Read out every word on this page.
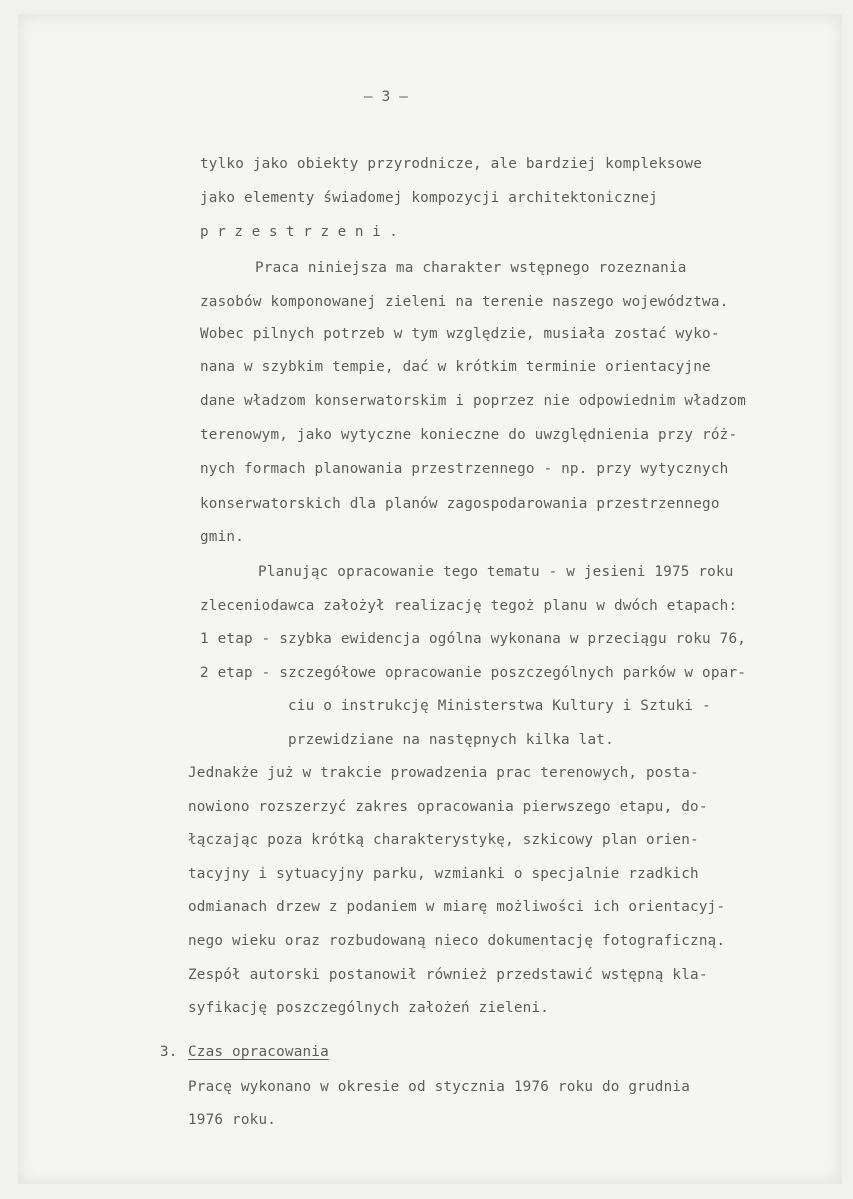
— 3 —
tylko jako obiekty przyrodnicze, ale bardziej kompleksowe
jako elementy świadomej kompozycji architektonicznej
przestrzeni.
Praca niniejsza ma charakter wstępnego rozeznania
zasobów komponowanej zieleni na terenie naszego województwa.
Wobec pilnych potrzeb w tym względzie, musiała zostać wyko-
nana w szybkim tempie, dać w krótkim terminie orientacyjne
dane władzom konserwatorskim i poprzez nie odpowiednim władzom
terenowym, jako wytyczne konieczne do uwzględnienia przy róż-
nych formach planowania przestrzennego - np. przy wytycznych
konserwatorskich dla planów zagospodarowania przestrzennego
gmin.
Planując opracowanie tego tematu - w jesieni 1975 roku
zleceniodawca założył realizację tegoż planu w dwóch etapach:
1 etap - szybka ewidencja ogólna wykonana w przeciągu roku 76,
2 etap - szczegółowe opracowanie poszczególnych parków w opar-
ciu o instrukcję Ministerstwa Kultury i Sztuki -
przewidziane na następnych kilka lat.
Jednakże już w trakcie prowadzenia prac terenowych, posta-
nowiono rozszerzyć zakres opracowania pierwszego etapu, do-
łączając poza krótką charakterystykę, szkicowy plan orien-
tacyjny i sytuacyjny parku, wzmianki o specjalnie rzadkich
odmianach drzew z podaniem w miarę możliwości ich orientacyj-
nego wieku oraz rozbudowaną nieco dokumentację fotograficzną.
Zespół autorski postanowił również przedstawić wstępną kla-
syfikację poszczególnych założeń zieleni.
3. Czas opracowania
Pracę wykonano w okresie od stycznia 1976 roku do grudnia
1976 roku.
